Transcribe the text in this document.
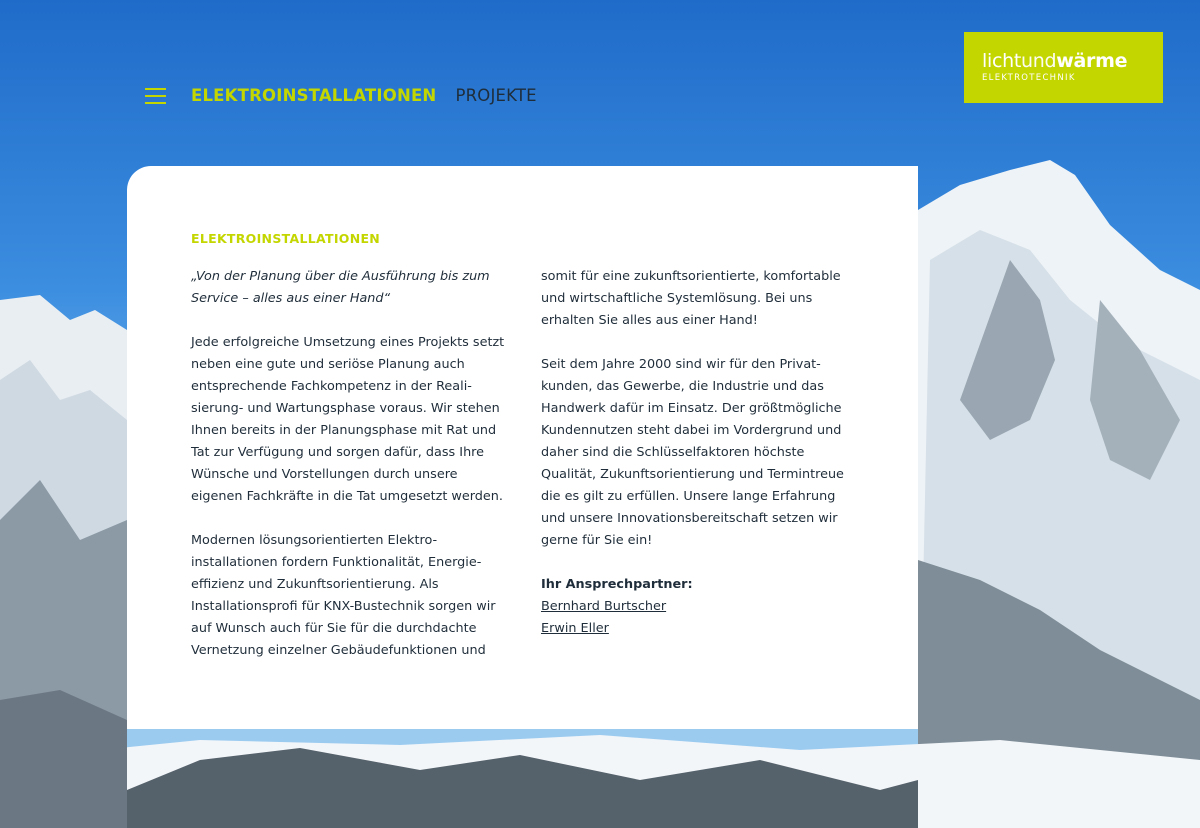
ELEKTROINSTALLATIONEN PROJEKTE
lichtundwärme
ELEKTROTECHNIK
ELEKTROINSTALLATIONEN

„Von der Planung über die Ausführung bis zum Service – alles aus einer Hand“

Jede erfolgreiche Umsetzung eines Projekts setzt neben eine gute und seriöse Planung auch entsprechende Fachkompetenz in der Reali-sierung- und Wartungsphase voraus. Wir stehen Ihnen bereits in der Planungsphase mit Rat und Tat zur Verfügung und sorgen dafür, dass Ihre Wünsche und Vorstellungen durch unsere eigenen Fachkräfte in die Tat umgesetzt werden.

Modernen lösungsorientierten Elektro-installationen fordern Funktionalität, Energie-effizienz und Zukunftsorientierung. Als Installationsprofi für KNX-Bustechnik sorgen wir auf Wunsch auch für Sie für die durchdachte Vernetzung einzelner Gebäudefunktionen und

somit für eine zukunftsorientierte, komfortable und wirtschaftliche Systemlösung. Bei uns erhalten Sie alles aus einer Hand!

Seit dem Jahre 2000 sind wir für den Privat-kunden, das Gewerbe, die Industrie und das Handwerk dafür im Einsatz. Der größtmögliche Kundennutzen steht dabei im Vordergrund und daher sind die Schlüsselfaktoren höchste Qualität, Zukunftsorientierung und Termintreue die es gilt zu erfüllen. Unsere lange Erfahrung und unsere Innovationsbereitschaft setzen wir gerne für Sie ein!

Ihr Ansprechpartner:

Bernhard Burtscher
Erwin Eller
